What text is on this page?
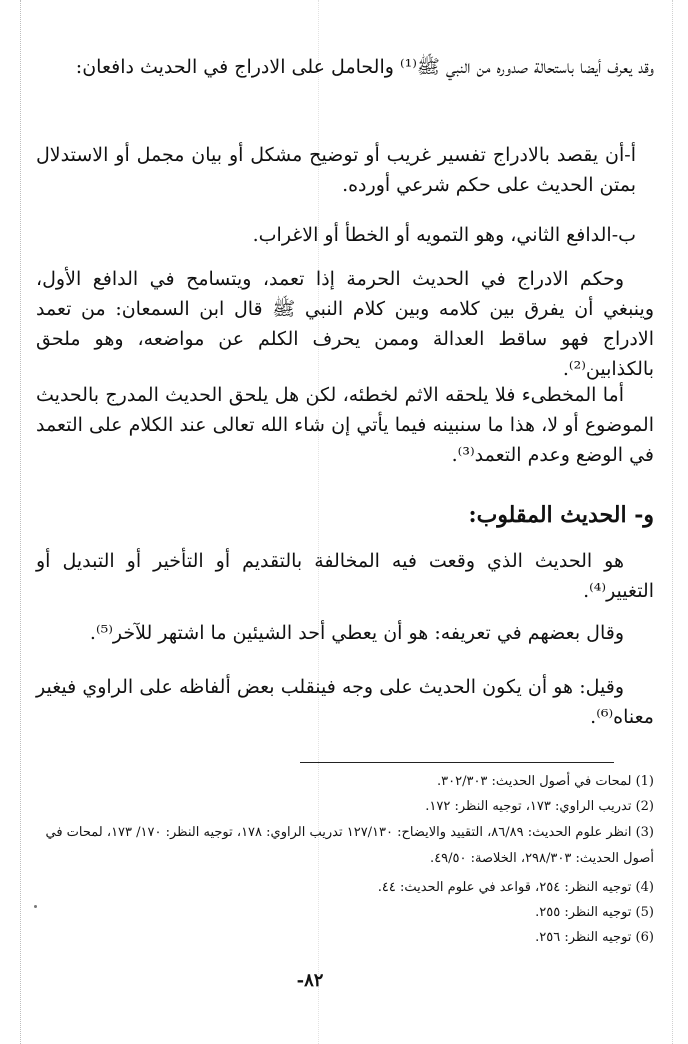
وقد يعرف أيضا باستحالة صدوره من النبي ﷺ⁽¹⁾ والحامل على الادراج في الحديث دافعان:
أ-أن يقصد بالادراج تفسير غريب أو توضيح مشكل أو بيان مجمل أو الاستدلال بمتن الحديث على حكم شرعي أورده.
ب-الدافع الثاني، وهو التمويه أو الخطأ أو الاغراب.
وحكم الادراج في الحديث الحرمة إذا تعمد، ويتسامح في الدافع الأول، وينبغي أن يفرق بين كلامه وبين كلام النبي ﷺ قال ابن السمعان: من تعمد الادراج فهو ساقط العدالة وممن يحرف الكلم عن مواضعه، وهو ملحق بالكذابين⁽²⁾.
أما المخطىء فلا يلحقه الاثم لخطئه، لكن هل يلحق الحديث المدرج بالحديث الموضوع أو لا، هذا ما سنبينه فيما يأتي إن شاء الله تعالى عند الكلام على التعمد في الوضع وعدم التعمد⁽³⁾.
و- الحديث المقلوب:
هو الحديث الذي وقعت فيه المخالفة بالتقديم أو التأخير أو التبديل أو التغيير⁽⁴⁾.
وقال بعضهم في تعريفه: هو أن يعطي أحد الشيئين ما اشتهر للآخر⁽⁵⁾.
وقيل: هو أن يكون الحديث على وجه فينقلب بعض ألفاظه على الراوي فيغير معناه⁽⁶⁾.
(1) لمحات في أصول الحديث: ٣٠٢/٣٠٣.
(2) تدريب الراوي: ١٧٣، توجيه النظر: ١٧٢.
(3) انظر علوم الحديث: ٨٦/٨٩، التقييد والايضاح: ١٢٧/١٣٠ تدريب الراوي: ١٧٨، توجيه النظر: ١٧٠/ ١٧٣، لمحات في أصول الحديث: ٢٩٨/٣٠٣، الخلاصة: ٤٩/٥٠.
(4) توجيه النظر: ٢٥٤، قواعد في علوم الحديث: ٤٤.
(5) توجيه النظر: ٢٥٥.
(6) توجيه النظر: ٢٥٦.
٨٢-
